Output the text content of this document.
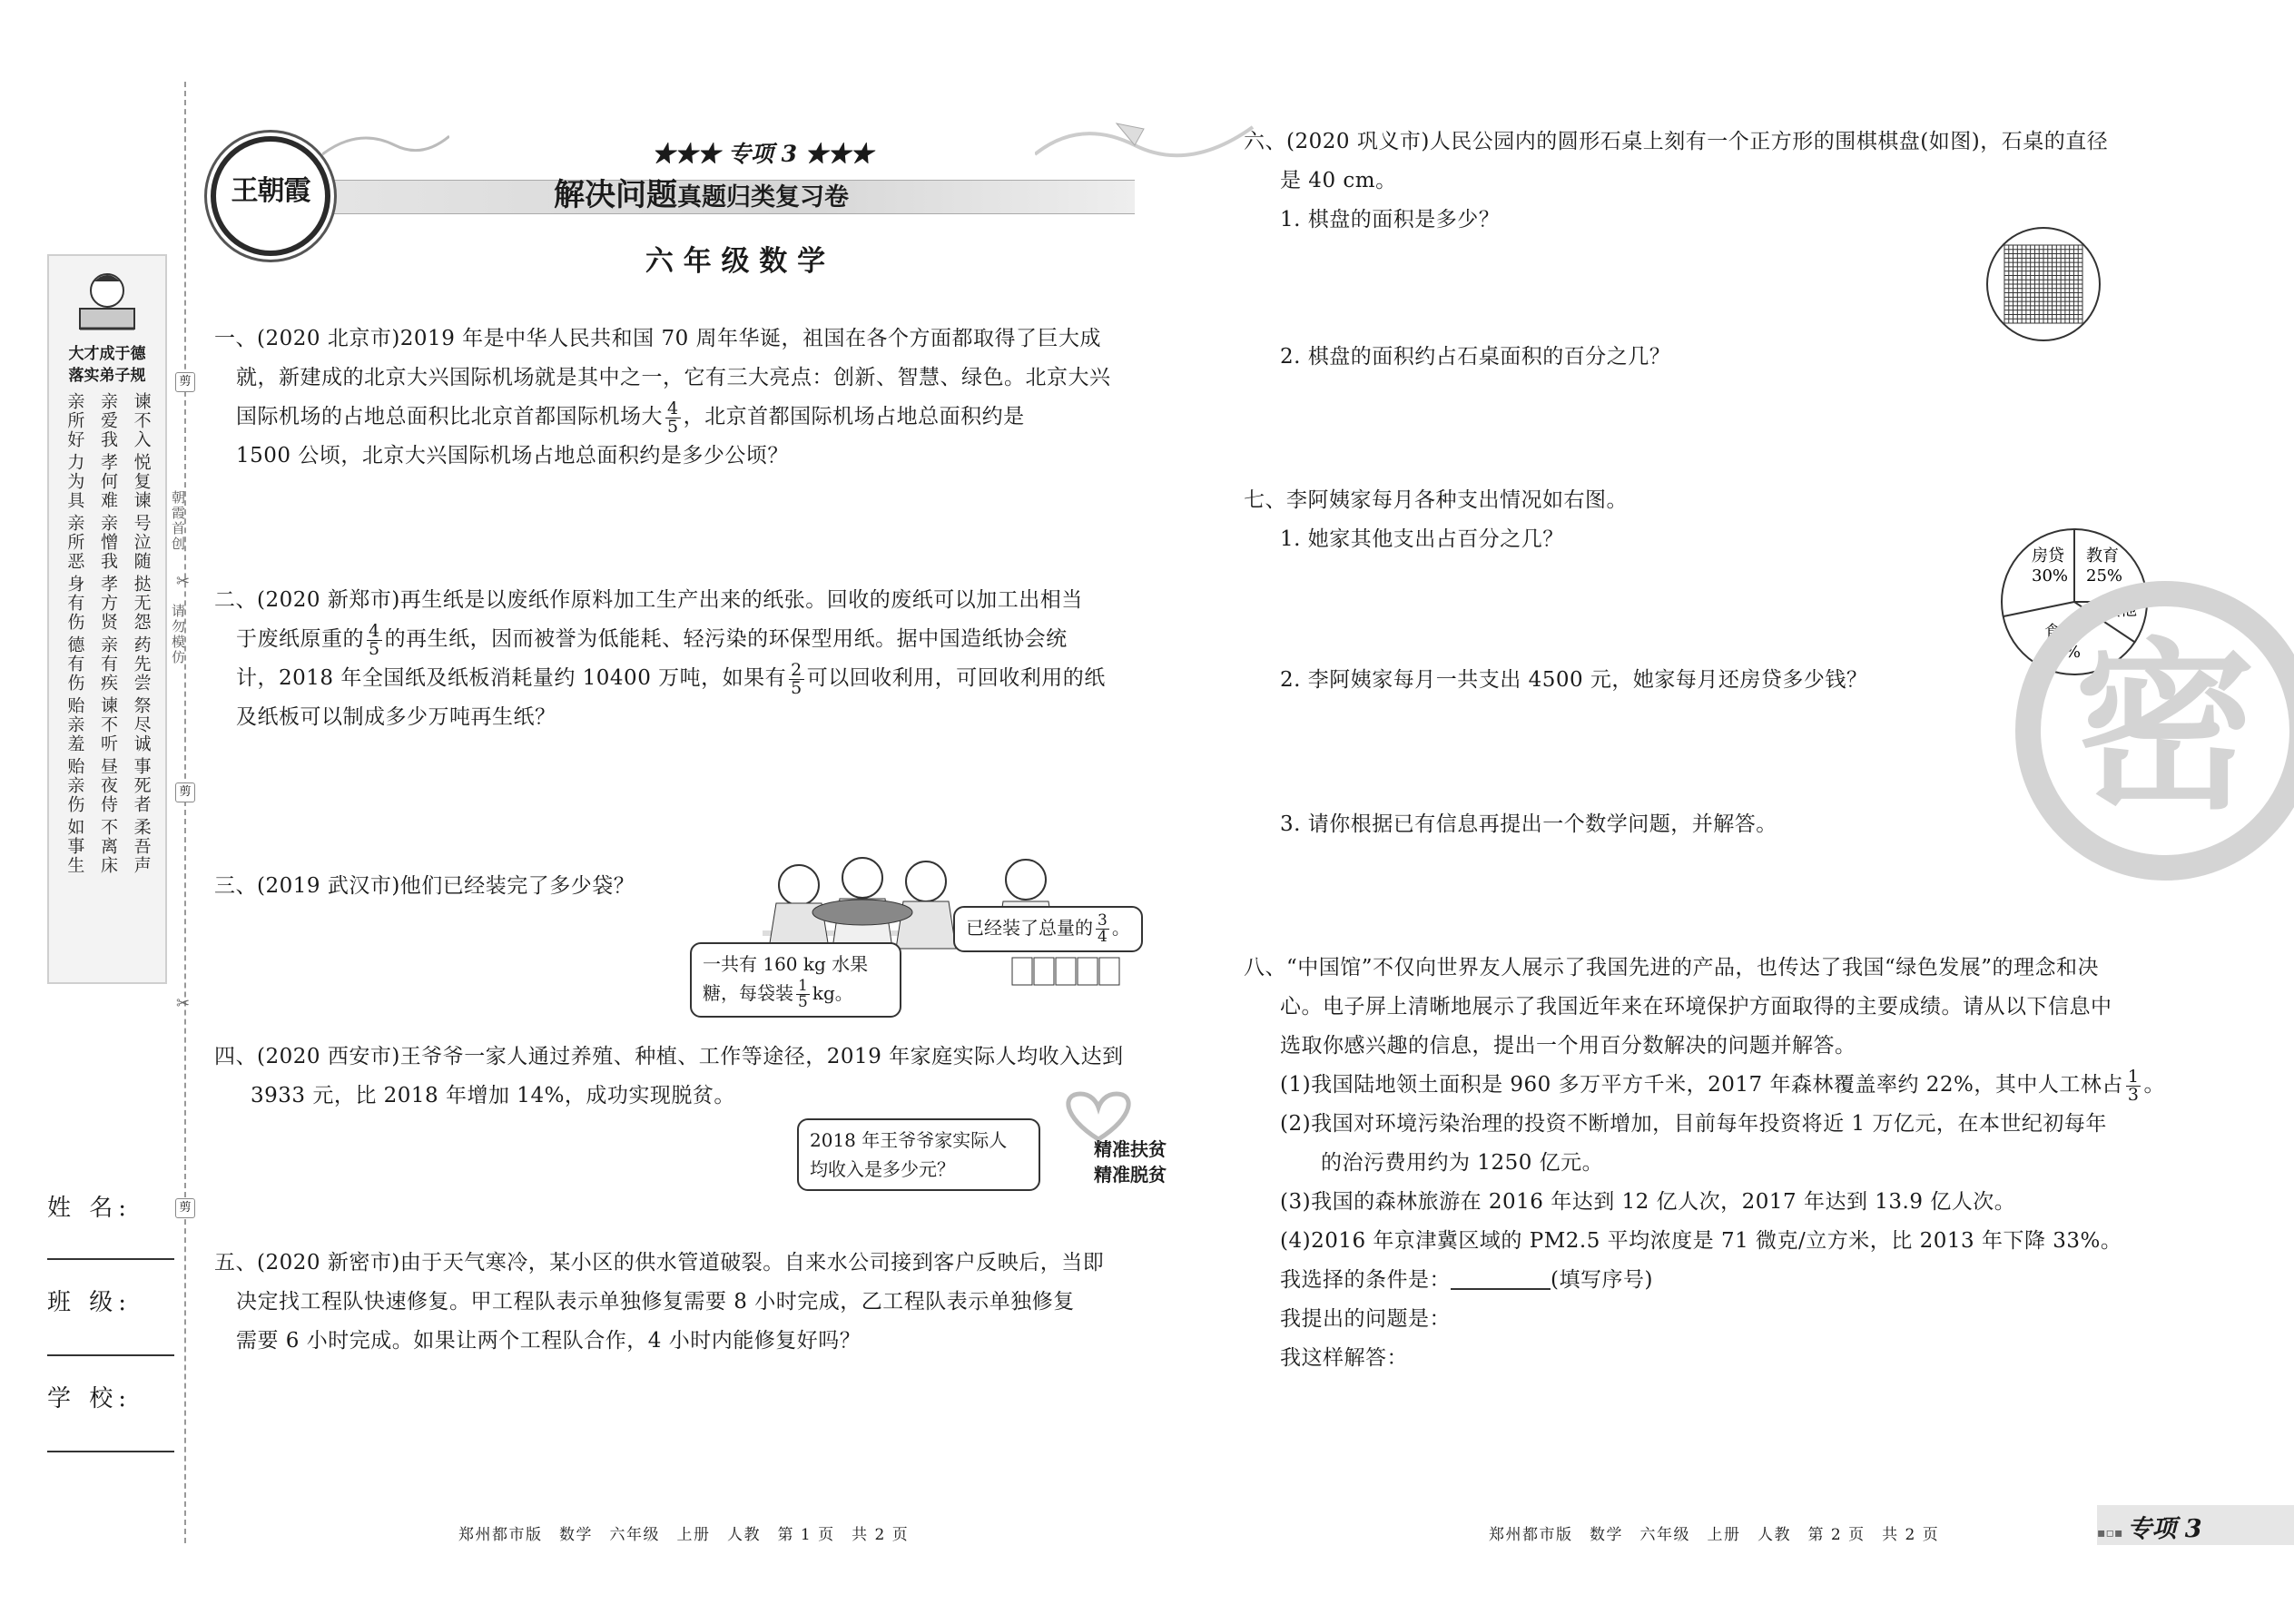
大才成于德
落实弟子规
亲所好 亲爱我 谏不入
力为具 孝何难 悦复谏
亲所恶 亲憎我 号泣随
身有伤 孝方贤 挞无怨
德有伤 亲有疾 药先尝
贻亲羞 谏不听 祭尽诚
贻亲伤 昼夜侍 事死者
如事生 不离床 柔吾声
姓 名:
班 级:
学 校:
剪
朝霞首创
✂
请勿模仿
剪
✂
剪
王朝霞
★★★ 专项 3 ★★★
解决问题真题归类复习卷
六 年 级 数 学

一、(2020 北京市)2019 年是中华人民共和国 70 周年华诞，祖国在各个方面都取得了巨大成

就，新建成的北京大兴国际机场就是其中之一，它有三大亮点：创新、智慧、绿色。北京大兴

国际机场的占地总面积比北京首都国际机场大 $\frac{4}{5}$ ，北京首都国际机场占地总面积约是

1500 公顷，北京大兴国际机场占地总面积约是多少公顷？

二、(2020 新郑市)再生纸是以废纸作原料加工生产出来的纸张。回收的废纸可以加工出相当

于废纸原重的 $\frac{4}{5}$ 的再生纸，因而被誉为低能耗、轻污染的环保型用纸。据中国造纸协会统

计，2018 年全国纸及纸板消耗量约 10400 万吨，如果有 $\frac{2}{5}$ 可以回收利用，可回收利用的纸

及纸板可以制成多少万吨再生纸？

三、(2019 武汉市)他们已经装完了多少袋？

一共有 160 kg 水果
糖，每袋装 $\frac{1}{5}$ kg。
已经装了总量的 $\frac{3}{4}$ 。

四、(2020 西安市)王爷爷一家人通过养殖、种植、工作等途径，2019 年家庭实际人均收入达到

3933 元，比 2018 年增加 14%，成功实现脱贫。

2018 年王爷爷家实际人
均收入是多少元？
精准扶贫
精准脱贫

五、(2020 新密市)由于天气寒冷，某小区的供水管道破裂。自来水公司接到客户反映后，当即

决定找工程队快速修复。甲工程队表示单独修复需要 8 小时完成，乙工程队表示单独修复

需要 6 小时完成。如果让两个工程队合作，4 小时内能修复好吗？

六、(2020 巩义市)人民公园内的圆形石桌上刻有一个正方形的围棋棋盘(如图)，石桌的直径

是 40 cm。

1. 棋盘的面积是多少？

2. 棋盘的面积约占石桌面积的百分之几？

七、李阿姨家每月各种支出情况如右图。

1. 她家其他支出占百分之几？

2. 李阿姨家每月一共支出 4500 元，她家每月还房贷多少钱？
3. 请你根据已有信息再提出一个数学问题，并解答。
房贷
30%
教育
25%
其他
食物
36%
密

八、“中国馆”不仅向世界友人展示了我国先进的产品，也传达了我国“绿色发展”的理念和决

心。电子屏上清晰地展示了我国近年来在环境保护方面取得的主要成绩。请从以下信息中

选取你感兴趣的信息，提出一个用百分数解决的问题并解答。

(1)我国陆地领土面积是 960 多万平方千米，2017 年森林覆盖率约 22%，其中人工林占 $\frac{1}{3}$ 。

(2)我国对环境污染治理的投资不断增加，目前每年投资将近 1 万亿元，在本世纪初每年

的治污费用约为 1250 亿元。

(3)我国的森林旅游在 2016 年达到 12 亿人次，2017 年达到 13.9 亿人次。

(4)2016 年京津冀区域的 PM2.5 平均浓度是 71 微克/立方米，比 2013 年下降 33%。

我选择的条件是：	(填写序号)

我提出的问题是：

我这样解答：

郑州都市版　数学　六年级　上册　人教　第 1 页　共 2 页	郑州都市版　数学　六年级　上册　人教　第 2 页　共 2 页	▪▫▪ 专项 3
